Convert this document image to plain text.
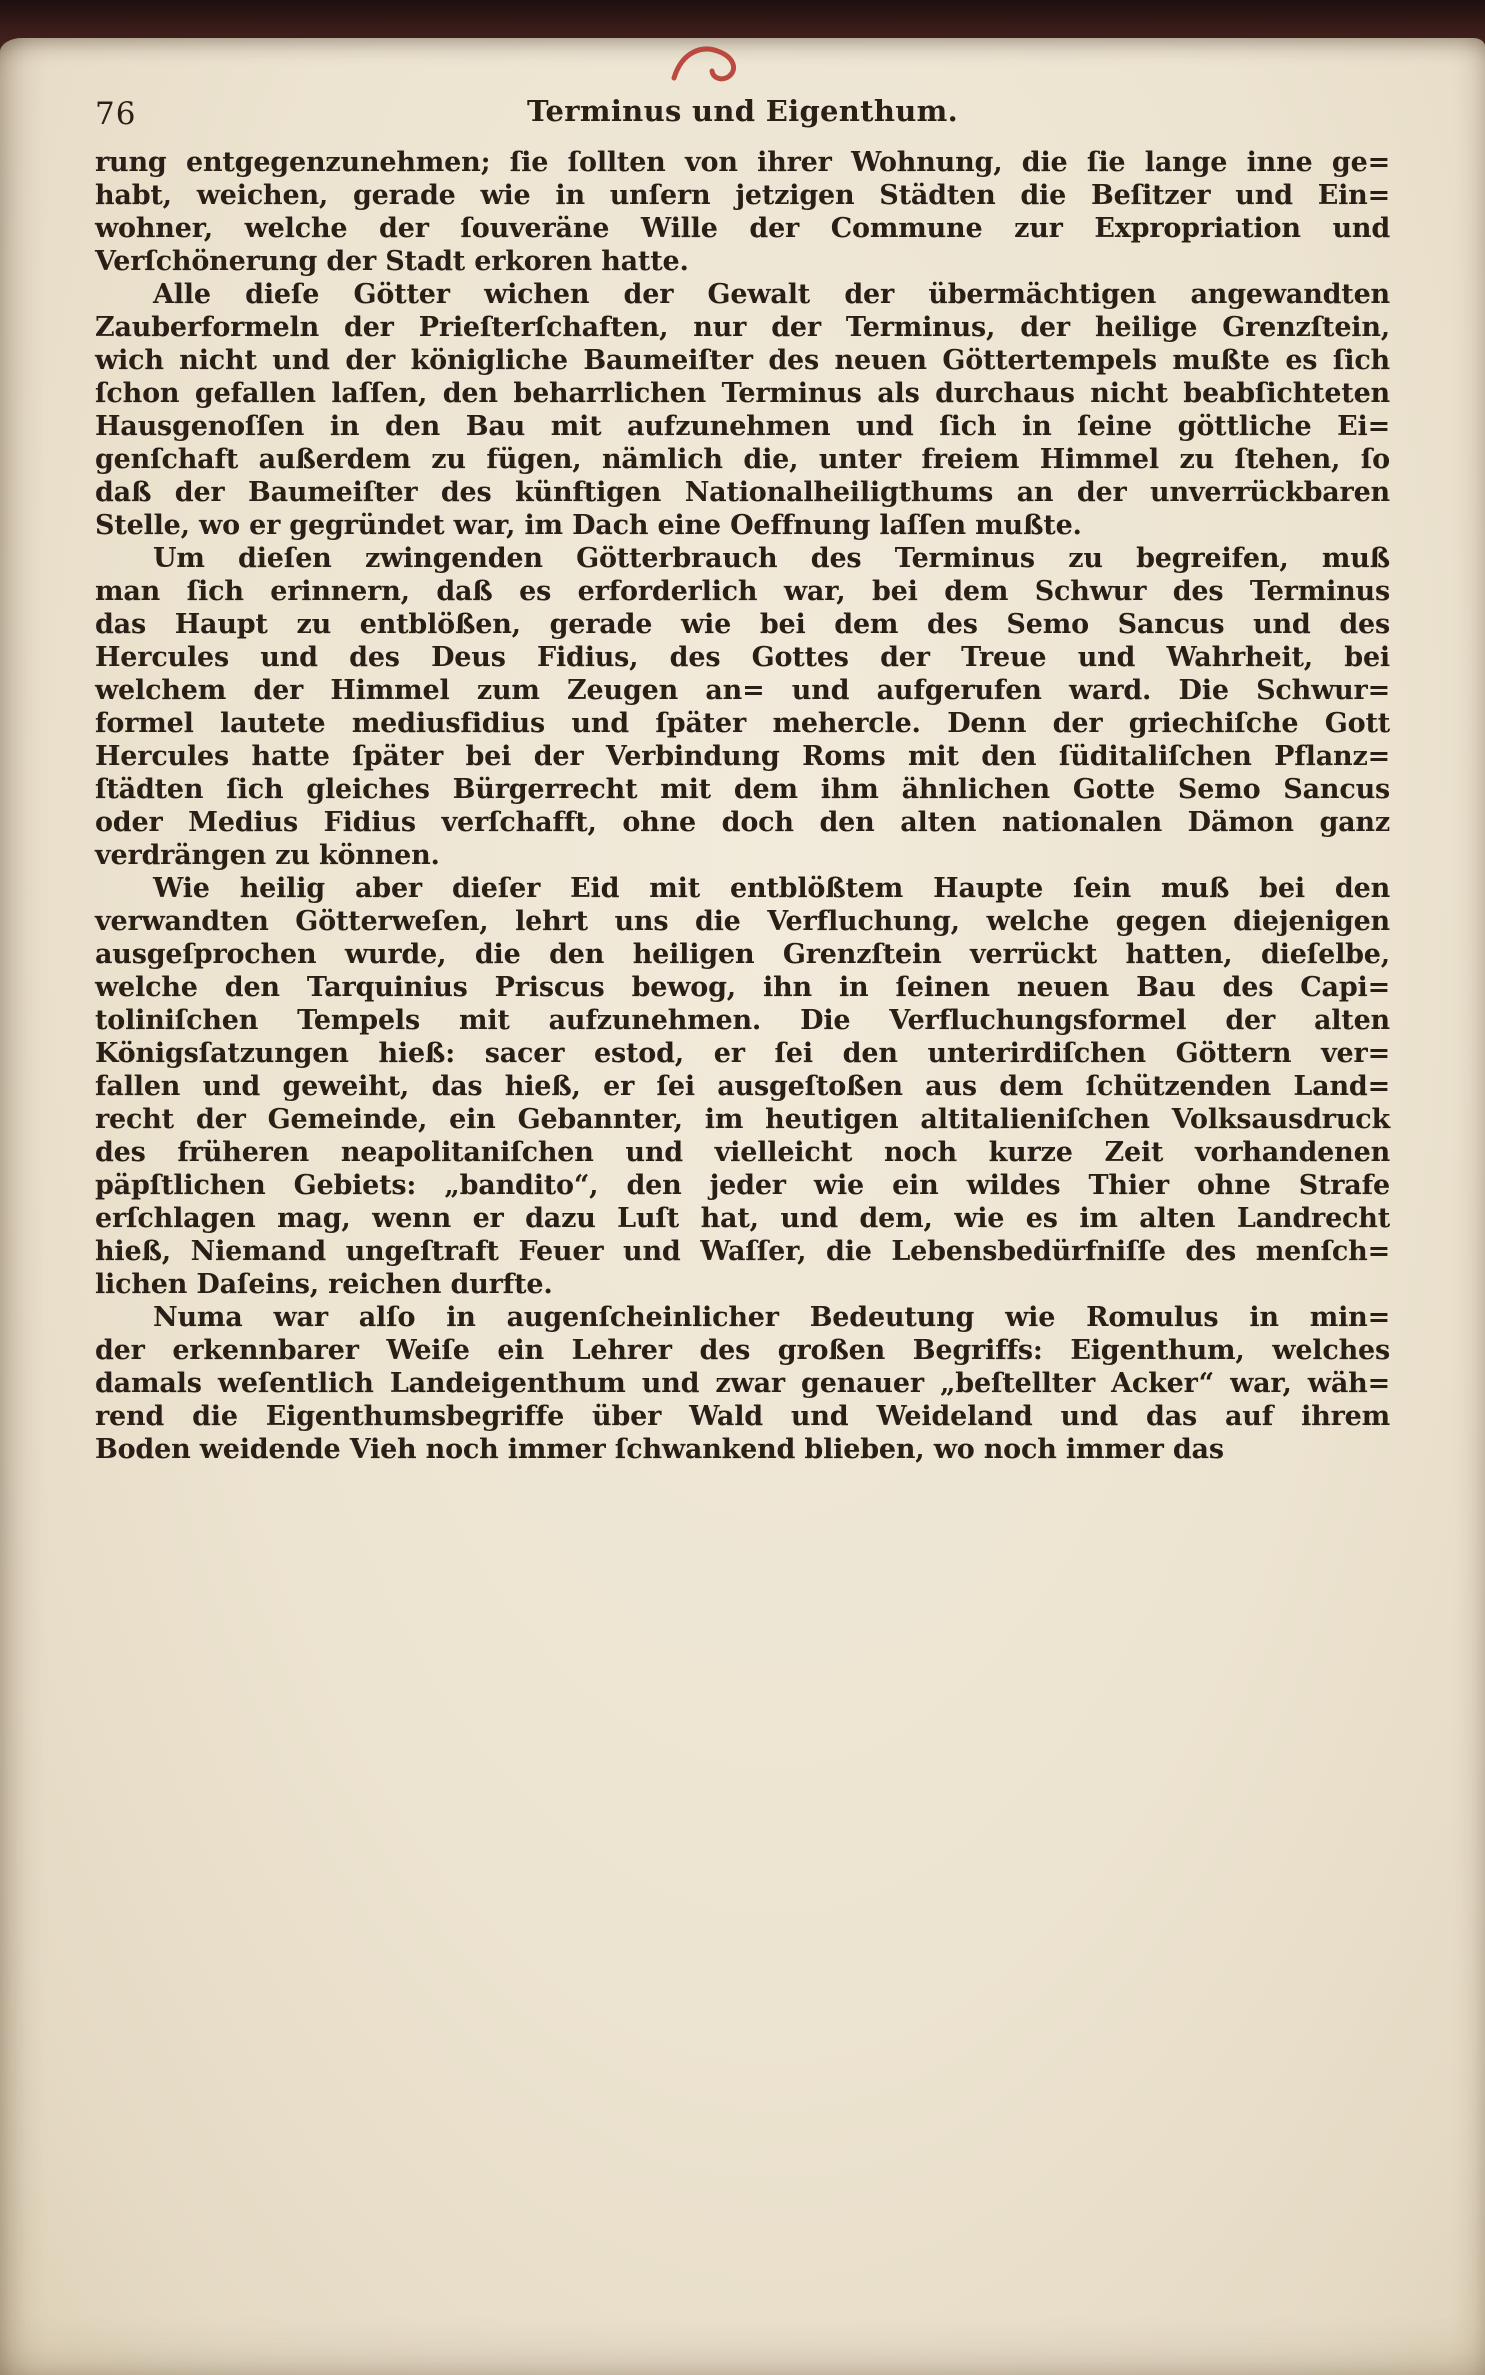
76	Terminus und Eigenthum.
rung entgegenzunehmen; ſie ſollten von ihrer Wohnung, die ſie lange inne ge=
habt, weichen, gerade wie in unſern jetzigen Städten die Beſitzer und Ein=
wohner, welche der ſouveräne Wille der Commune zur Expropriation und
Verſchönerung der Stadt erkoren hatte.
Alle dieſe Götter wichen der Gewalt der übermächtigen angewandten
Zauberformeln der Prieſterſchaften, nur der Terminus, der heilige Grenzſtein,
wich nicht und der königliche Baumeiſter des neuen Göttertempels mußte es ſich
ſchon gefallen laſſen, den beharrlichen Terminus als durchaus nicht beabſichteten
Hausgenoſſen in den Bau mit aufzunehmen und ſich in ſeine göttliche Ei=
genſchaft außerdem zu fügen, nämlich die, unter freiem Himmel zu ſtehen, ſo
daß der Baumeiſter des künftigen Nationalheiligthums an der unverrückbaren
Stelle, wo er gegründet war, im Dach eine Oeffnung laſſen mußte.
Um dieſen zwingenden Götterbrauch des Terminus zu begreifen, muß
man ſich erinnern, daß es erforderlich war, bei dem Schwur des Terminus
das Haupt zu entblößen, gerade wie bei dem des Semo Sancus und des
Hercules und des Deus Fidius, des Gottes der Treue und Wahrheit, bei
welchem der Himmel zum Zeugen an= und aufgerufen ward. Die Schwur=
formel lautete mediusfidius und ſpäter mehercle. Denn der griechiſche Gott
Hercules hatte ſpäter bei der Verbindung Roms mit den ſüditaliſchen Pflanz=
ſtädten ſich gleiches Bürgerrecht mit dem ihm ähnlichen Gotte Semo Sancus
oder Medius Fidius verſchafft, ohne doch den alten nationalen Dämon ganz
verdrängen zu können.
Wie heilig aber dieſer Eid mit entblößtem Haupte ſein muß bei den
verwandten Götterweſen, lehrt uns die Verfluchung, welche gegen diejenigen
ausgeſprochen wurde, die den heiligen Grenzſtein verrückt hatten, dieſelbe,
welche den Tarquinius Priscus bewog, ihn in ſeinen neuen Bau des Capi=
toliniſchen Tempels mit aufzunehmen. Die Verfluchungsformel der alten
Königsſatzungen hieß: sacer estod, er ſei den unterirdiſchen Göttern ver=
fallen und geweiht, das hieß, er ſei ausgeſtoßen aus dem ſchützenden Land=
recht der Gemeinde, ein Gebannter, im heutigen altitalieniſchen Volksausdruck
des früheren neapolitaniſchen und vielleicht noch kurze Zeit vorhandenen
päpſtlichen Gebiets: „bandito“, den jeder wie ein wildes Thier ohne Strafe
erſchlagen mag, wenn er dazu Luſt hat, und dem, wie es im alten Landrecht
hieß, Niemand ungeſtraft Feuer und Waſſer, die Lebensbedürfniſſe des menſch=
lichen Daſeins, reichen durfte.
Numa war alſo in augenſcheinlicher Bedeutung wie Romulus in min=
der erkennbarer Weiſe ein Lehrer des großen Begriffs: Eigenthum, welches
damals weſentlich Landeigenthum und zwar genauer „beſtellter Acker“ war, wäh=
rend die Eigenthumsbegriffe über Wald und Weideland und das auf ihrem
Boden weidende Vieh noch immer ſchwankend blieben, wo noch immer das
